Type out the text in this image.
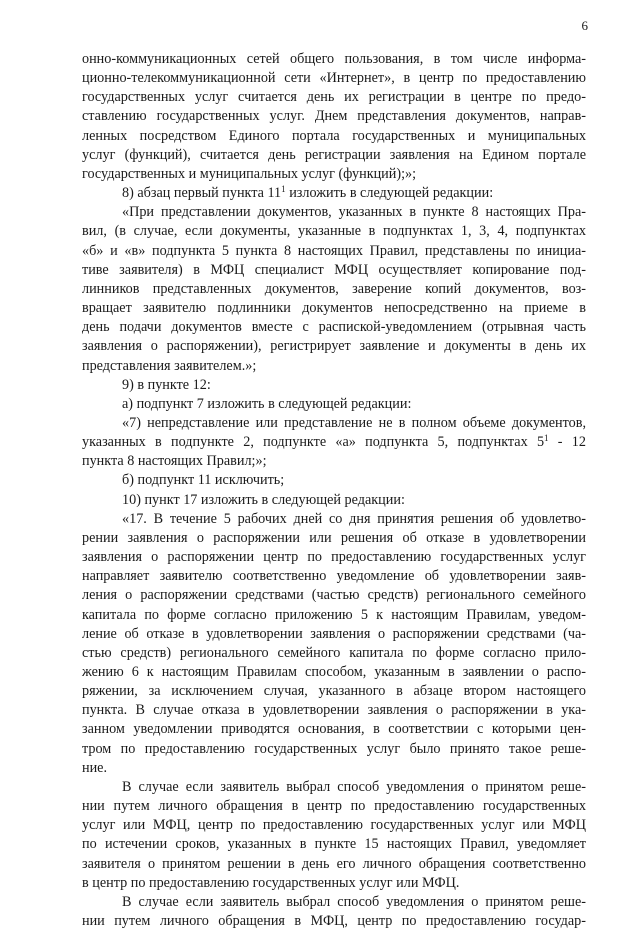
6

онно-коммуникационных сетей общего пользования, в том числе информа-

ционно-телекоммуникационной сети «Интернет», в центр по предоставлению

государственных услуг считается день их регистрации в центре по предо-

ставлению государственных услуг. Днем представления документов, направ-

ленных посредством Единого портала государственных и муниципальных

услуг (функций), считается день регистрации заявления на Едином портале

государственных и муниципальных услуг (функций);»;

8) абзац первый пункта $11^1$ изложить в следующей редакции:

«При представлении документов, указанных в пункте 8 настоящих Пра-

вил, (в случае, если документы, указанные в подпунктах 1, 3, 4, подпунктах

«б» и «в» подпункта 5 пункта 8 настоящих Правил, представлены по инициа-

тиве заявителя) в МФЦ специалист МФЦ осуществляет копирование под-

линников представленных документов, заверение копий документов, воз-

вращает заявителю подлинники документов непосредственно на приеме в

день подачи документов вместе с распиской-уведомлением (отрывная часть

заявления о распоряжении), регистрирует заявление и документы в день их

представления заявителем.»;

9) в пункте 12:

а) подпункт 7 изложить в следующей редакции:

«7) непредставление или представление не в полном объеме документов,

указанных в подпункте 2, подпункте «а» подпункта 5, подпунктах $5^1 - 12$

пункта 8 настоящих Правил;»;

б) подпункт 11 исключить;

10) пункт 17 изложить в следующей редакции:

«17. В течение 5 рабочих дней со дня принятия решения об удовлетво-

рении заявления о распоряжении или решения об отказе в удовлетворении

заявления о распоряжении центр по предоставлению государственных услуг

направляет заявителю соответственно уведомление об удовлетворении заяв-

ления о распоряжении средствами (частью средств) регионального семейного

капитала по форме согласно приложению 5 к настоящим Правилам, уведом-

ление об отказе в удовлетворении заявления о распоряжении средствами (ча-

стью средств) регионального семейного капитала по форме согласно прило-

жению 6 к настоящим Правилам способом, указанным в заявлении о распо-

ряжении, за исключением случая, указанного в абзаце втором настоящего

пункта. В случае отказа в удовлетворении заявления о распоряжении в ука-

занном уведомлении приводятся основания, в соответствии с которыми цен-

тром по предоставлению государственных услуг было принято такое реше-

ние.

В случае если заявитель выбрал способ уведомления о принятом реше-

нии путем личного обращения в центр по предоставлению государственных

услуг или МФЦ, центр по предоставлению государственных услуг или МФЦ

по истечении сроков, указанных в пункте 15 настоящих Правил, уведомляет

заявителя о принятом решении в день его личного обращения соответственно

в центр по предоставлению государственных услуг или МФЦ.

В случае если заявитель выбрал способ уведомления о принятом реше-

нии путем личного обращения в МФЦ, центр по предоставлению государ-
